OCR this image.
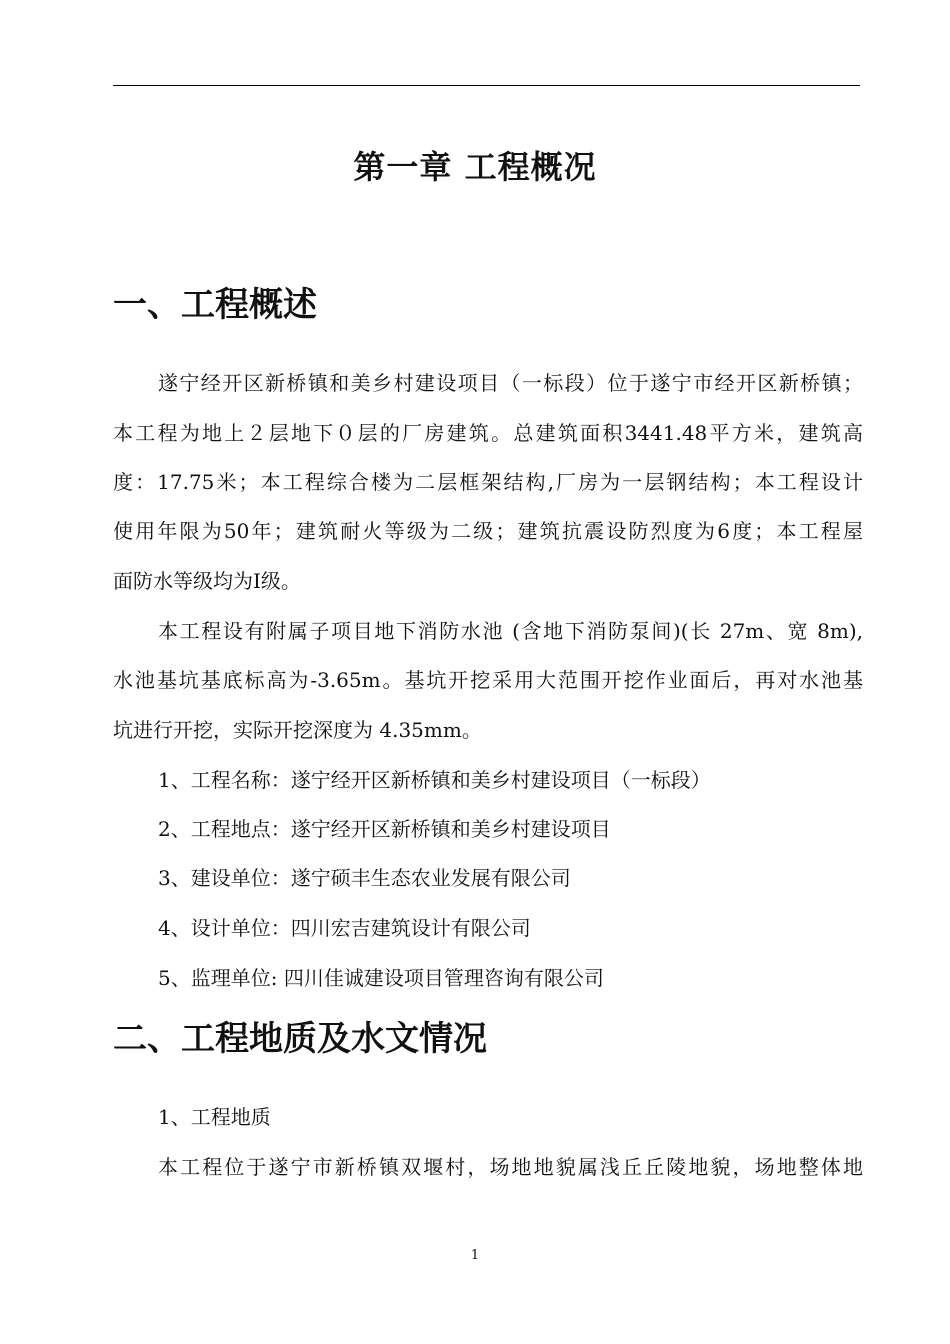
第一章 工程概况
一、工程概述
遂宁经开区新桥镇和美乡村建设项目（一标段）位于遂宁市经开区新桥镇；
本工程为地上２层地下０层的厂房建筑。总建筑面积3441.48平方米，建筑高
度：17.75米；本工程综合楼为二层框架结构,厂房为一层钢结构；本工程设计
使用年限为50年；建筑耐火等级为二级；建筑抗震设防烈度为6度；本工程屋
面防水等级均为Ⅰ级。
本工程设有附属子项目地下消防水池 (含地下消防泵间)(长 27m、宽 8m),
水池基坑基底标高为-3.65m。基坑开挖采用大范围开挖作业面后，再对水池基
坑进行开挖，实际开挖深度为 4.35mm。
1、工程名称：遂宁经开区新桥镇和美乡村建设项目（一标段）
2、工程地点：遂宁经开区新桥镇和美乡村建设项目
3、建设单位：遂宁硕丰生态农业发展有限公司
4、设计单位：四川宏吉建筑设计有限公司
5、监理单位: 四川佳诚建设项目管理咨询有限公司
二、工程地质及水文情况
1、工程地质
本工程位于遂宁市新桥镇双堰村，场地地貌属浅丘丘陵地貌，场地整体地
1
